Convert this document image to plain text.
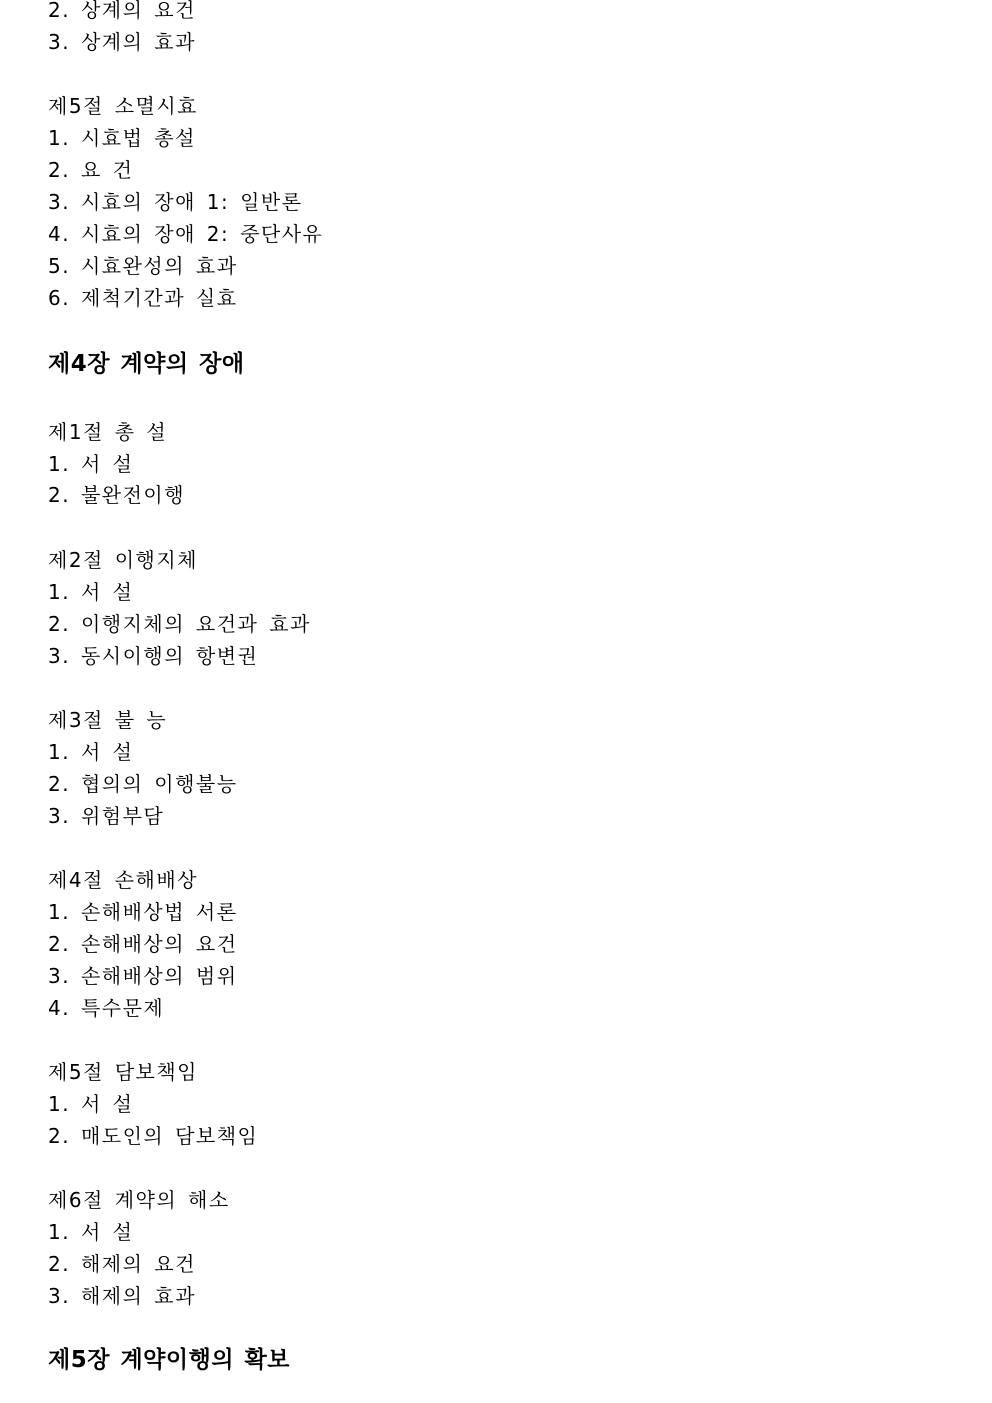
2. 상계의 요건
3. 상계의 효과
제5절 소멸시효
1. 시효법 총설
2. 요 건
3. 시효의 장애 1: 일반론
4. 시효의 장애 2: 중단사유
5. 시효완성의 효과
6. 제척기간과 실효
제4장 계약의 장애
제1절 총 설
1. 서 설
2. 불완전이행
제2절 이행지체
1. 서 설
2. 이행지체의 요건과 효과
3. 동시이행의 항변권
제3절 불 능
1. 서 설
2. 협의의 이행불능
3. 위험부담
제4절 손해배상
1. 손해배상법 서론
2. 손해배상의 요건
3. 손해배상의 범위
4. 특수문제
제5절 담보책임
1. 서 설
2. 매도인의 담보책임
제6절 계약의 해소
1. 서 설
2. 해제의 요건
3. 해제의 효과
제5장 계약이행의 확보
